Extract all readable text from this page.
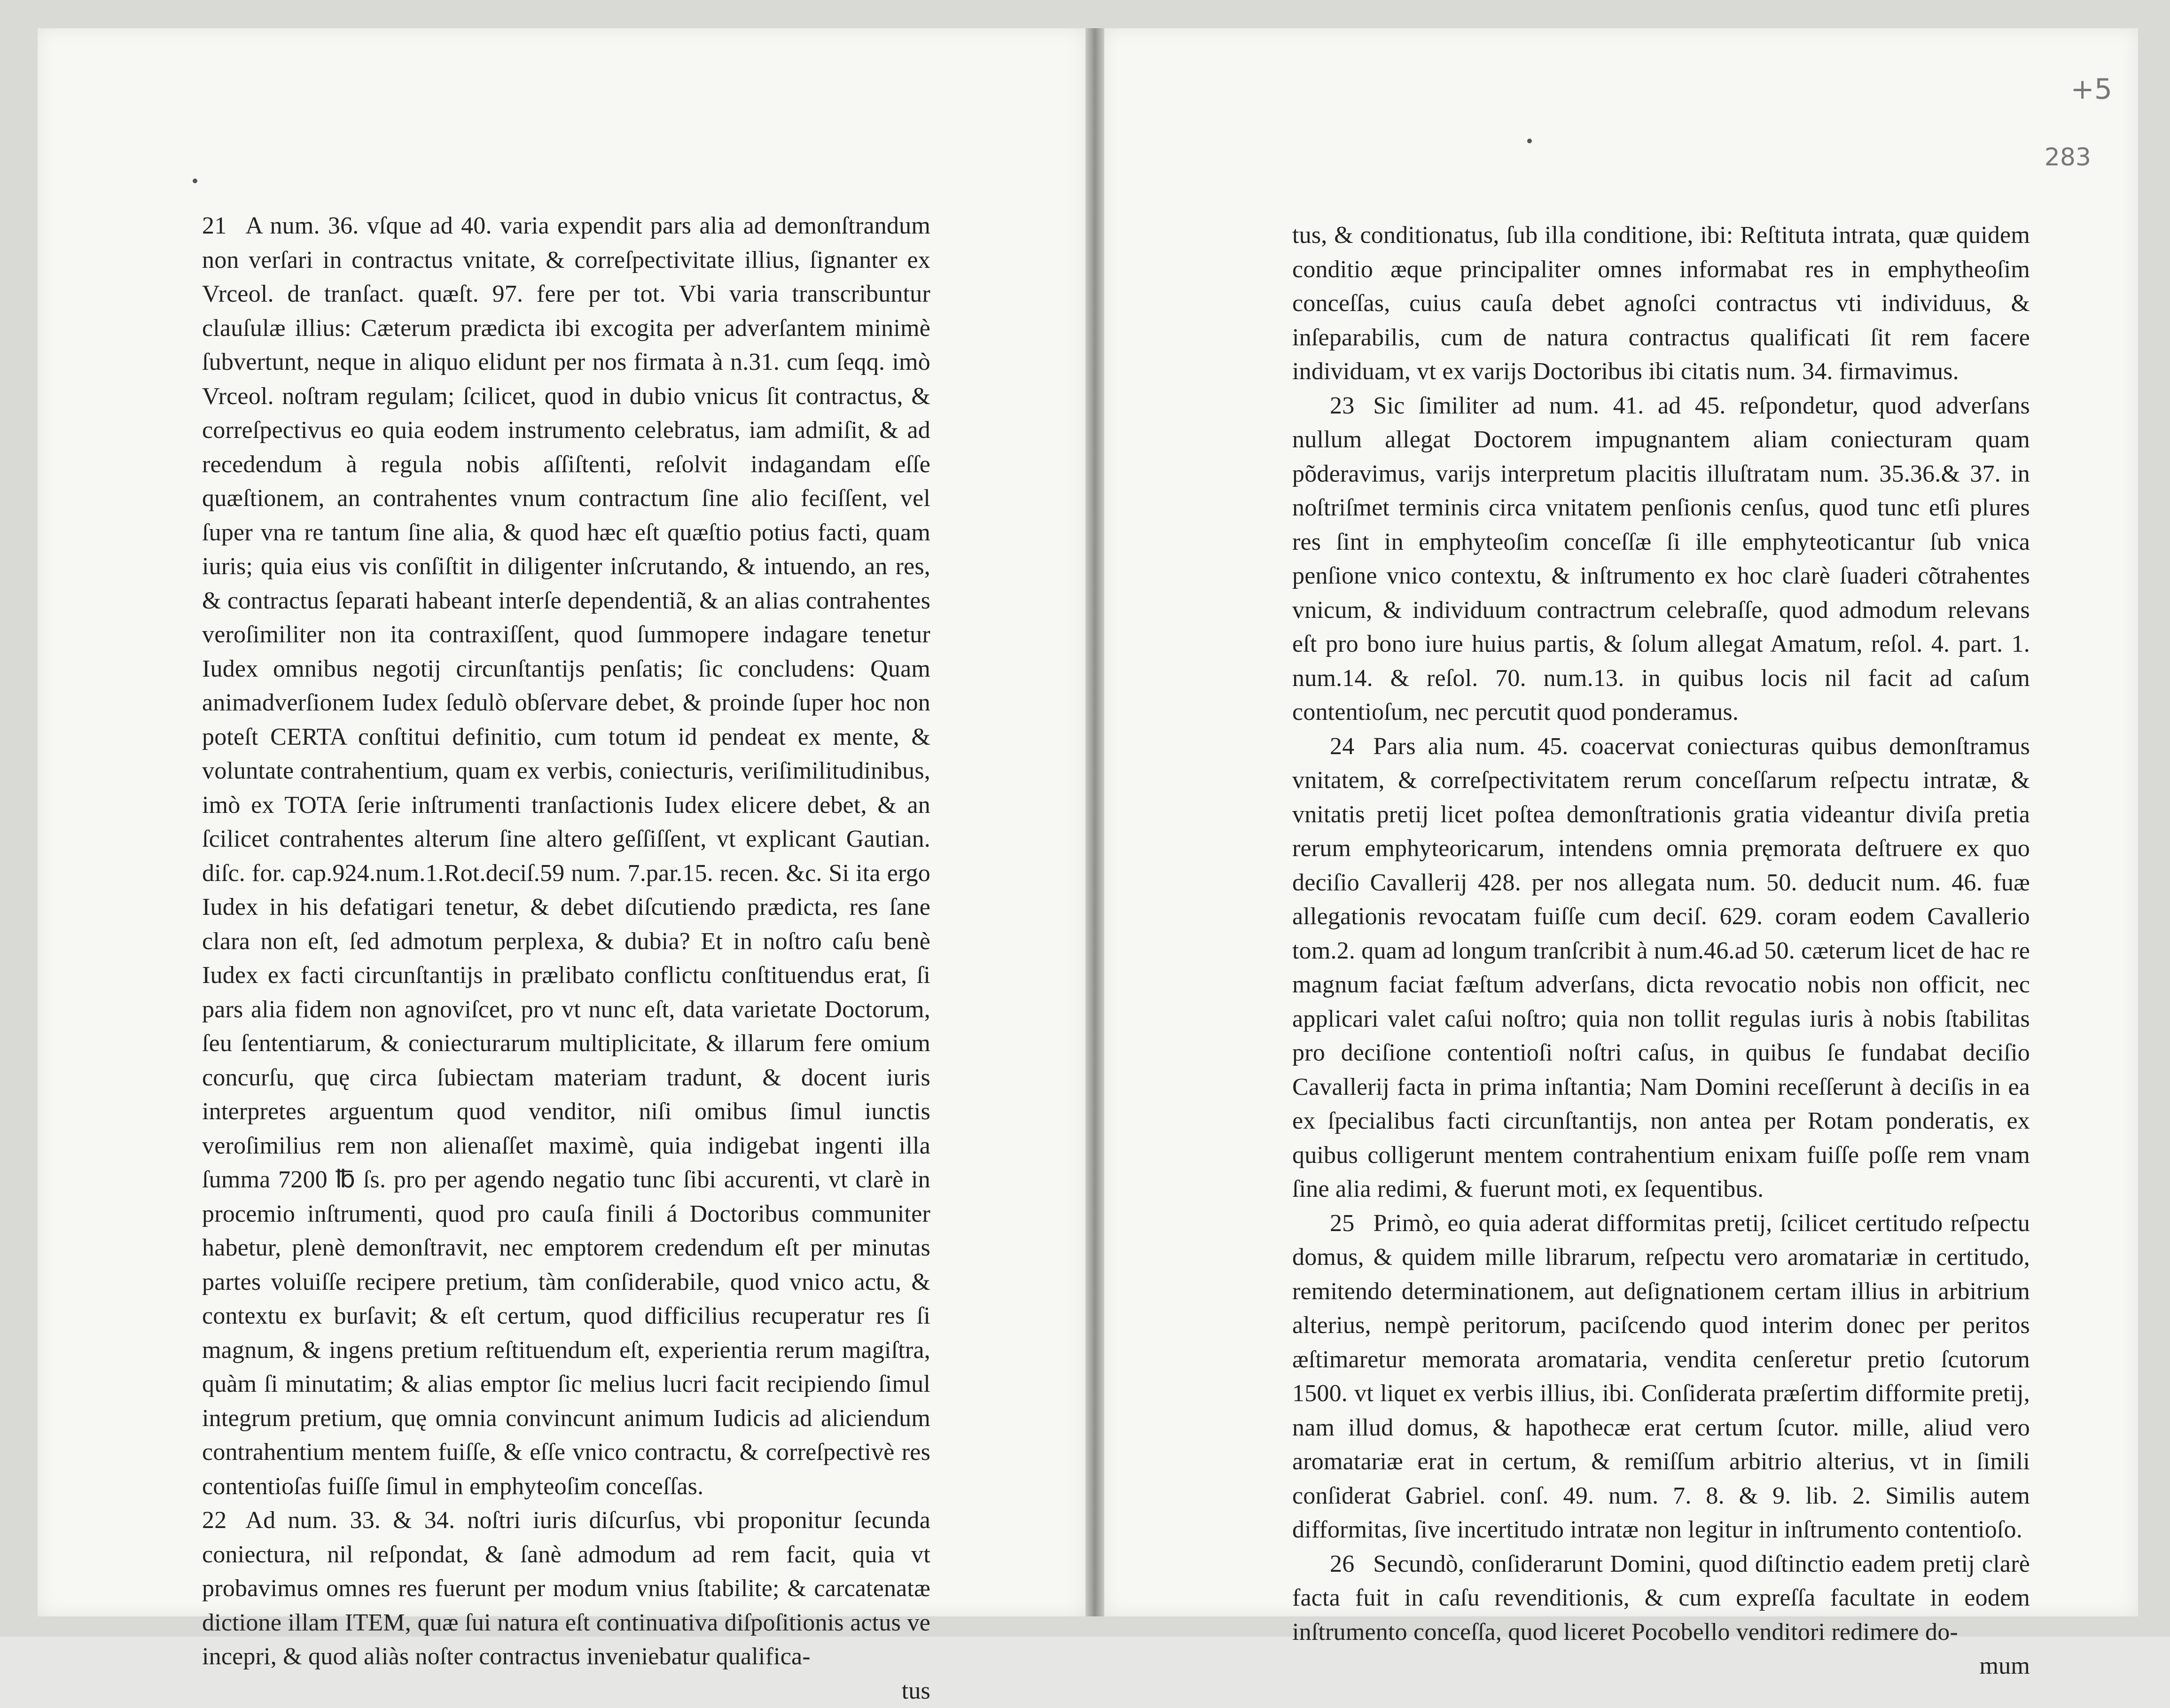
21 A num. 36. vſque ad 40. varia expendit pars alia ad demonſtrandum non verſari in contractus vnitate, & correſpectivitate illius, ſignanter ex Vrceol. de tranſact. quæſt. 97. fere per tot. Vbi varia transcribuntur clauſulæ illius: Cæterum prædicta ibi excogita per adverſantem minimè ſubvertunt, neque in aliquo elidunt per nos firmata à n.31. cum ſeqq. imò Vrceol. noſtram regulam; ſcilicet, quod in dubio vnicus ſit contractus, & correſpectivus eo quia eodem instrumento celebratus, iam admiſit, & ad recedendum à regula nobis aſſiſtenti, reſolvit indagandam eſſe quæſtionem, an contrahentes vnum contractum ſine alio feciſſent, vel ſuper vna re tantum ſine alia, & quod hæc eſt quæſtio potius facti, quam iuris; quia eius vis conſiſtit in diligenter inſcrutando, & intuendo, an res, & contractus ſeparati habeant interſe dependentiã, & an alias contrahentes veroſimiliter non ita contraxiſſent, quod ſummopere indagare tenetur Iudex omnibus negotij circunſtantijs penſatis; ſic concludens: Quam animadverſionem Iudex ſedulò obſervare debet, & proinde ſuper hoc non poteſt CERTA conſtitui definitio, cum totum id pendeat ex mente, & voluntate contrahentium, quam ex verbis, coniecturis, veriſimilitudinibus, imò ex TOTA ſerie inſtrumenti tranſactionis Iudex elicere debet, & an ſcilicet contrahentes alterum ſine altero geſſiſſent, vt explicant Gautian. diſc. for. cap.924.num.1.Rot.deciſ.59 num. 7.par.15. recen. &c. Si ita ergo Iudex in his defatigari tenetur, & debet diſcutiendo prædicta, res ſane clara non eſt, ſed admotum perplexa, & dubia? Et in noſtro caſu benè Iudex ex facti circunſtantijs in prælibato conflictu conſtituendus erat, ſi pars alia fidem non agnoviſcet, pro vt nunc eſt, data varietate Doctorum, ſeu ſententiarum, & coniecturarum multiplicitate, & illarum fere omium concurſu, quę circa ſubiectam materiam tradunt, & docent iuris interpretes arguentum quod venditor, niſi omibus ſimul iunctis veroſimilius rem non alienaſſet maximè, quia indigebat ingenti illa ſumma 7200 ℔ ſs. pro per agendo negatio tunc ſibi accurenti, vt clarè in procemio inſtrumenti, quod pro cauſa finili á Doctoribus communiter habetur, plenè demonſtravit, nec emptorem credendum eſt per minutas partes voluiſſe recipere pretium, tàm conſiderabile, quod vnico actu, & contextu ex burſavit; & eſt certum, quod difficilius recuperatur res ſi magnum, & ingens pretium reſtituendum eſt, experientia rerum magiſtra, quàm ſi minutatim; & alias emptor ſic melius lucri facit recipiendo ſimul integrum pretium, quę omnia convincunt animum Iudicis ad aliciendum contrahentium mentem fuiſſe, & eſſe vnico contractu, & correſpectivè res contentioſas fuiſſe ſimul in emphyteoſim conceſſas.

22 Ad num. 33. & 34. noſtri iuris diſcurſus, vbi proponitur ſecunda coniectura, nil reſpondat, & ſanè admodum ad rem facit, quia vt probavimus omnes res fuerunt per modum vnius ſtabilite; & carcatenatæ dictione illam ITEM, quæ ſui natura eſt continuativa diſpoſitionis actus ve incepri, & quod aliàs noſter contractus inveniebatur qualifica-

tus
+5
283

tus, & conditionatus, ſub illa conditione, ibi: Reſtituta intrata, quæ quidem conditio æque principaliter omnes informabat res in emphytheoſim conceſſas, cuius cauſa debet agnoſci contractus vti individuus, & inſeparabilis, cum de natura contractus qualificati ſit rem facere individuam, vt ex varijs Doctoribus ibi citatis num. 34. firmavimus.

23 Sic ſimiliter ad num. 41. ad 45. reſpondetur, quod adverſans nullum allegat Doctorem impugnantem aliam coniecturam quam põderavimus, varijs interpretum placitis illuſtratam num. 35.36.& 37. in noſtriſmet terminis circa vnitatem penſionis cenſus, quod tunc etſi plures res ſint in emphyteoſim conceſſæ ſi ille emphyteoticantur ſub vnica penſione vnico contextu, & inſtrumento ex hoc clarè ſuaderi cõtrahentes vnicum, & individuum contractrum celebraſſe, quod admodum relevans eſt pro bono iure huius partis, & ſolum allegat Amatum, reſol. 4. part. 1. num.14. & reſol. 70. num.13. in quibus locis nil facit ad caſum contentioſum, nec percutit quod ponderamus.

24 Pars alia num. 45. coacervat coniecturas quibus demonſtramus vnitatem, & correſpectivitatem rerum conceſſarum reſpectu intratæ, & vnitatis pretij licet poſtea demonſtrationis gratia videantur diviſa pretia rerum emphyteoricarum, intendens omnia pręmorata deſtruere ex quo deciſio Cavallerij 428. per nos allegata num. 50. deducit num. 46. fuæ allegationis revocatam fuiſſe cum deciſ. 629. coram eodem Cavallerio tom.2. quam ad longum tranſcribit à num.46.ad 50. cæterum licet de hac re magnum faciat fæſtum adverſans, dicta revocatio nobis non officit, nec applicari valet caſui noſtro; quia non tollit regulas iuris à nobis ſtabilitas pro deciſione contentioſi noſtri caſus, in quibus ſe fundabat deciſio Cavallerij facta in prima inſtantia; Nam Domini receſſerunt à deciſis in ea ex ſpecialibus facti circunſtantijs, non antea per Rotam ponderatis, ex quibus colligerunt mentem contrahentium enixam fuiſſe poſſe rem vnam ſine alia redimi, & fuerunt moti, ex ſequentibus.

25 Primò, eo quia aderat difformitas pretij, ſcilicet certitudo reſpectu domus, & quidem mille librarum, reſpectu vero aromatariæ in certitudo, remitendo determinationem, aut deſignationem certam illius in arbitrium alterius, nempè peritorum, paciſcendo quod interim donec per peritos æſtimaretur memorata aromataria, vendita cenſeretur pretio ſcutorum 1500. vt liquet ex verbis illius, ibi. Conſiderata præſertim difformite pretij, nam illud domus, & hapothecæ erat certum ſcutor. mille, aliud vero aromatariæ erat in certum, & remiſſum arbitrio alterius, vt in ſimili conſiderat Gabriel. conſ. 49. num. 7. 8. & 9. lib. 2. Similis autem difformitas, ſive incertitudo intratæ non legitur in inſtrumento contentioſo.

26 Secundò, conſiderarunt Domini, quod diſtinctio eadem pretij clarè facta fuit in caſu revenditionis, & cum expreſſa facultate in eodem inſtrumento conceſſa, quod liceret Pocobello venditori redimere do-

mum
